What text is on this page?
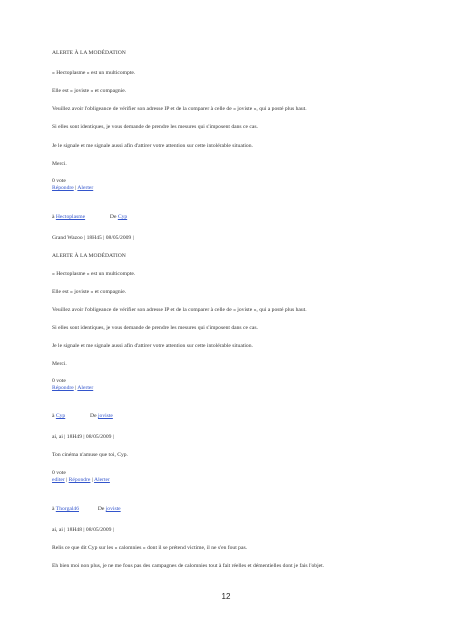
ALERTE À LA MODÉDATION
« Hectoplasme » est un multicompte.
Elle est « joviste » et compagnie.
Veuillez avoir l'obligeance de vérifier son adresse IP et de la comparer à celle de « joviste », qui a posté plus haut.
Si elles sont identiques, je vous demande de prendre les mesures qui s'imposent dans ce cas.
Je le signale et me signale aussi afin d'attirer votre attention sur cette intolérable situation.
Merci.
0 vote
Répondre | Alerter
à Hectoplasme	De Cyp
Grand Wazoo | 18H45 | 08/05/2009 |
ALERTE À LA MODÉDATION
« Hectoplasme » est un multicompte.
Elle est « joviste » et compagnie.
Veuillez avoir l'obligeance de vérifier son adresse IP et de la comparer à celle de « joviste », qui a posté plus haut.
Si elles sont identiques, je vous demande de prendre les mesures qui s'imposent dans ce cas.
Je le signale et me signale aussi afin d'attirer votre attention sur cette intolérable situation.
Merci.
0 vote
Répondre | Alerter
à Cyp	De joviste
ai, ai | 18H49 | 08/05/2009 |
Ton cinéma n'amuse que toi, Cyp.
0 vote
editer | Répondre | Alerter
à Thorgal46	De joviste
ai, ai | 18H48 | 08/05/2009 |
Relis ce que dit Cyp sur les « calomnies » dont il se prétend victime, il ne s'en fout pas.
Eh bien moi non plus, je ne me fous pas des campagnes de calomnies tout à fait réelles et démentielles dont je fais l'objet.
12
